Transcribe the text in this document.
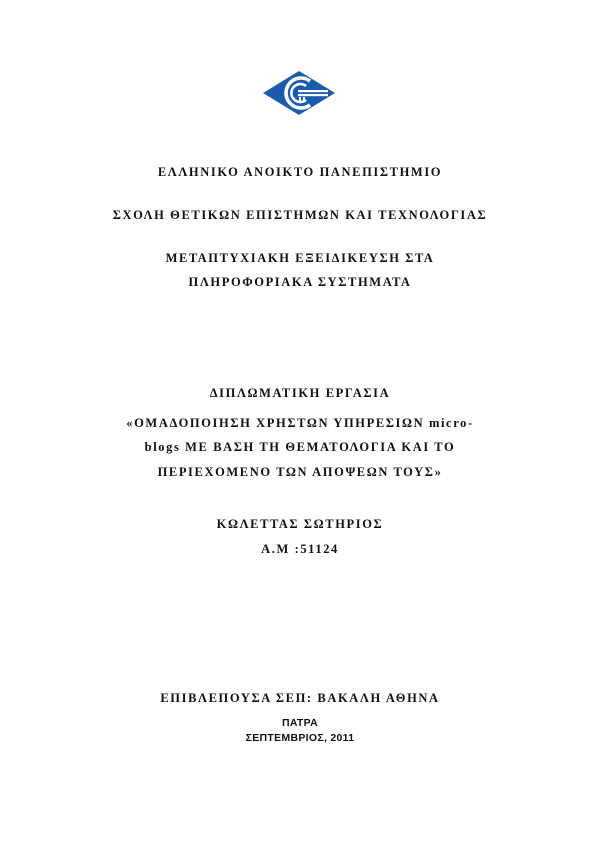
ΕΛΛΗΝΙΚΟ ΑΝΟΙΚΤΟ ΠΑΝΕΠΙΣΤΗΜΙΟ
ΣΧΟΛΗ ΘΕΤΙΚΩΝ ΕΠΙΣΤΗΜΩΝ ΚΑΙ ΤΕΧΝΟΛΟΓΙΑΣ
ΜΕΤΑΠΤΥΧΙΑΚΗ ΕΞΕΙΔΙΚΕΥΣΗ ΣΤΑ
ΠΛΗΡΟΦΟΡΙΑΚΑ ΣΥΣΤΗΜΑΤΑ
ΔΙΠΛΩΜΑΤΙΚΗ ΕΡΓΑΣΙΑ
«ΟΜΑΔΟΠΟΙΗΣΗ ΧΡΗΣΤΩΝ ΥΠΗΡΕΣΙΩΝ micro-
blogs ΜΕ ΒΑΣΗ ΤΗ ΘΕΜΑΤΟΛΟΓΙΑ ΚΑΙ ΤΟ
ΠΕΡΙΕΧΟΜΕΝΟ ΤΩΝ ΑΠΟΨΕΩΝ ΤΟΥΣ»
ΚΩΛΕΤΤΑΣ ΣΩΤΗΡΙΟΣ
Α.Μ :51124
ΕΠΙΒΛΕΠΟΥΣΑ ΣΕΠ: ΒΑΚΑΛΗ ΑΘΗΝΑ
ΠΑΤΡΑ
ΣΕΠΤΕΜΒΡΙΟΣ, 2011
